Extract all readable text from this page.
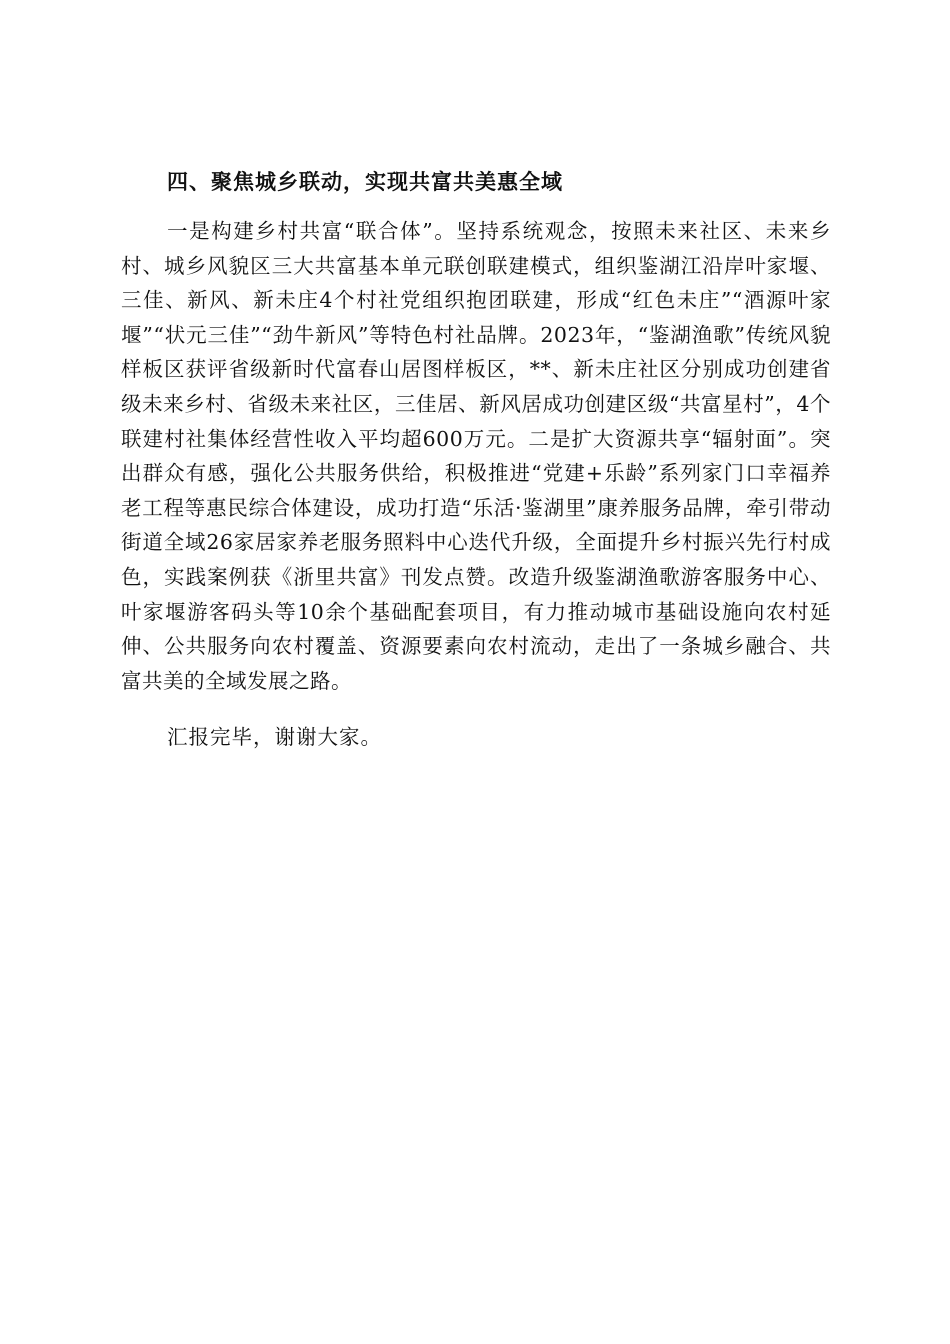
四、聚焦城乡联动，实现共富共美惠全域

一是构建乡村共富“联合体”。坚持系统观念，按照未来社区、未来乡村、城乡风貌区三大共富基本单元联创联建模式，组织鉴湖江沿岸叶家堰、三佳、新风、新未庄4个村社党组织抱团联建，形成“红色未庄”“酒源叶家堰”“状元三佳”“劲牛新风”等特色村社品牌。2023年，“鉴湖渔歌”传统风貌样板区获评省级新时代富春山居图样板区，**、新未庄社区分别成功创建省级未来乡村、省级未来社区，三佳居、新风居成功创建区级“共富星村”，4个联建村社集体经营性收入平均超600万元。二是扩大资源共享“辐射面”。突出群众有感，强化公共服务供给，积极推进“党建+乐龄”系列家门口幸福养老工程等惠民综合体建设，成功打造“乐活·鉴湖里”康养服务品牌，牵引带动街道全域26家居家养老服务照料中心迭代升级，全面提升乡村振兴先行村成色，实践案例获《浙里共富》刊发点赞。改造升级鉴湖渔歌游客服务中心、叶家堰游客码头等10余个基础配套项目，有力推动城市基础设施向农村延伸、公共服务向农村覆盖、资源要素向农村流动，走出了一条城乡融合、共富共美的全域发展之路。

汇报完毕，谢谢大家。
